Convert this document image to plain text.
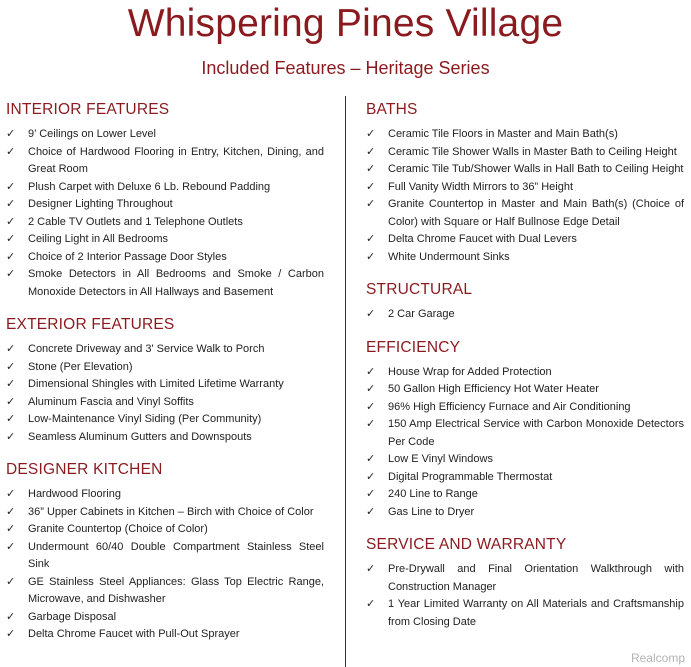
Whispering Pines Village
Included Features – Heritage Series
INTERIOR FEATURES
✓ 9’ Ceilings on Lower Level
✓ Choice of Hardwood Flooring in Entry, Kitchen, Dining, and Great Room
✓ Plush Carpet with Deluxe 6 Lb. Rebound Padding
✓ Designer Lighting Throughout
✓ 2 Cable TV Outlets and 1 Telephone Outlets
✓ Ceiling Light in All Bedrooms
✓ Choice of 2 Interior Passage Door Styles
✓ Smoke Detectors in All Bedrooms and Smoke / Carbon Monoxide Detectors in All Hallways and Basement
EXTERIOR FEATURES
✓ Concrete Driveway and 3' Service Walk to Porch
✓ Stone (Per Elevation)
✓ Dimensional Shingles with Limited Lifetime Warranty
✓ Aluminum Fascia and Vinyl Soffits
✓ Low-Maintenance Vinyl Siding (Per Community)
✓ Seamless Aluminum Gutters and Downspouts
DESIGNER KITCHEN
✓ Hardwood Flooring
✓ 36” Upper Cabinets in Kitchen – Birch with Choice of Color
✓ Granite Countertop (Choice of Color)
✓ Undermount 60/40 Double Compartment Stainless Steel Sink
✓ GE Stainless Steel Appliances: Glass Top Electric Range, Microwave, and Dishwasher
✓ Garbage Disposal
✓ Delta Chrome Faucet with Pull-Out Sprayer
BATHS
✓ Ceramic Tile Floors in Master and Main Bath(s)
✓ Ceramic Tile Shower Walls in Master Bath to Ceiling Height
✓ Ceramic Tile Tub/Shower Walls in Hall Bath to Ceiling Height
✓ Full Vanity Width Mirrors to 36” Height
✓ Granite Countertop in Master and Main Bath(s) (Choice of Color) with Square or Half Bullnose Edge Detail
✓ Delta Chrome Faucet with Dual Levers
✓ White Undermount Sinks
STRUCTURAL
✓ 2 Car Garage
EFFICIENCY
✓ House Wrap for Added Protection
✓ 50 Gallon High Efficiency Hot Water Heater
✓ 96% High Efficiency Furnace and Air Conditioning
✓ 150 Amp Electrical Service with Carbon Monoxide Detectors Per Code
✓ Low E Vinyl Windows
✓ Digital Programmable Thermostat
✓ 240 Line to Range
✓ Gas Line to Dryer
SERVICE AND WARRANTY
✓ Pre-Drywall and Final Orientation Walkthrough with Construction Manager
✓ 1 Year Limited Warranty on All Materials and Craftsmanship from Closing Date
Realcomp
